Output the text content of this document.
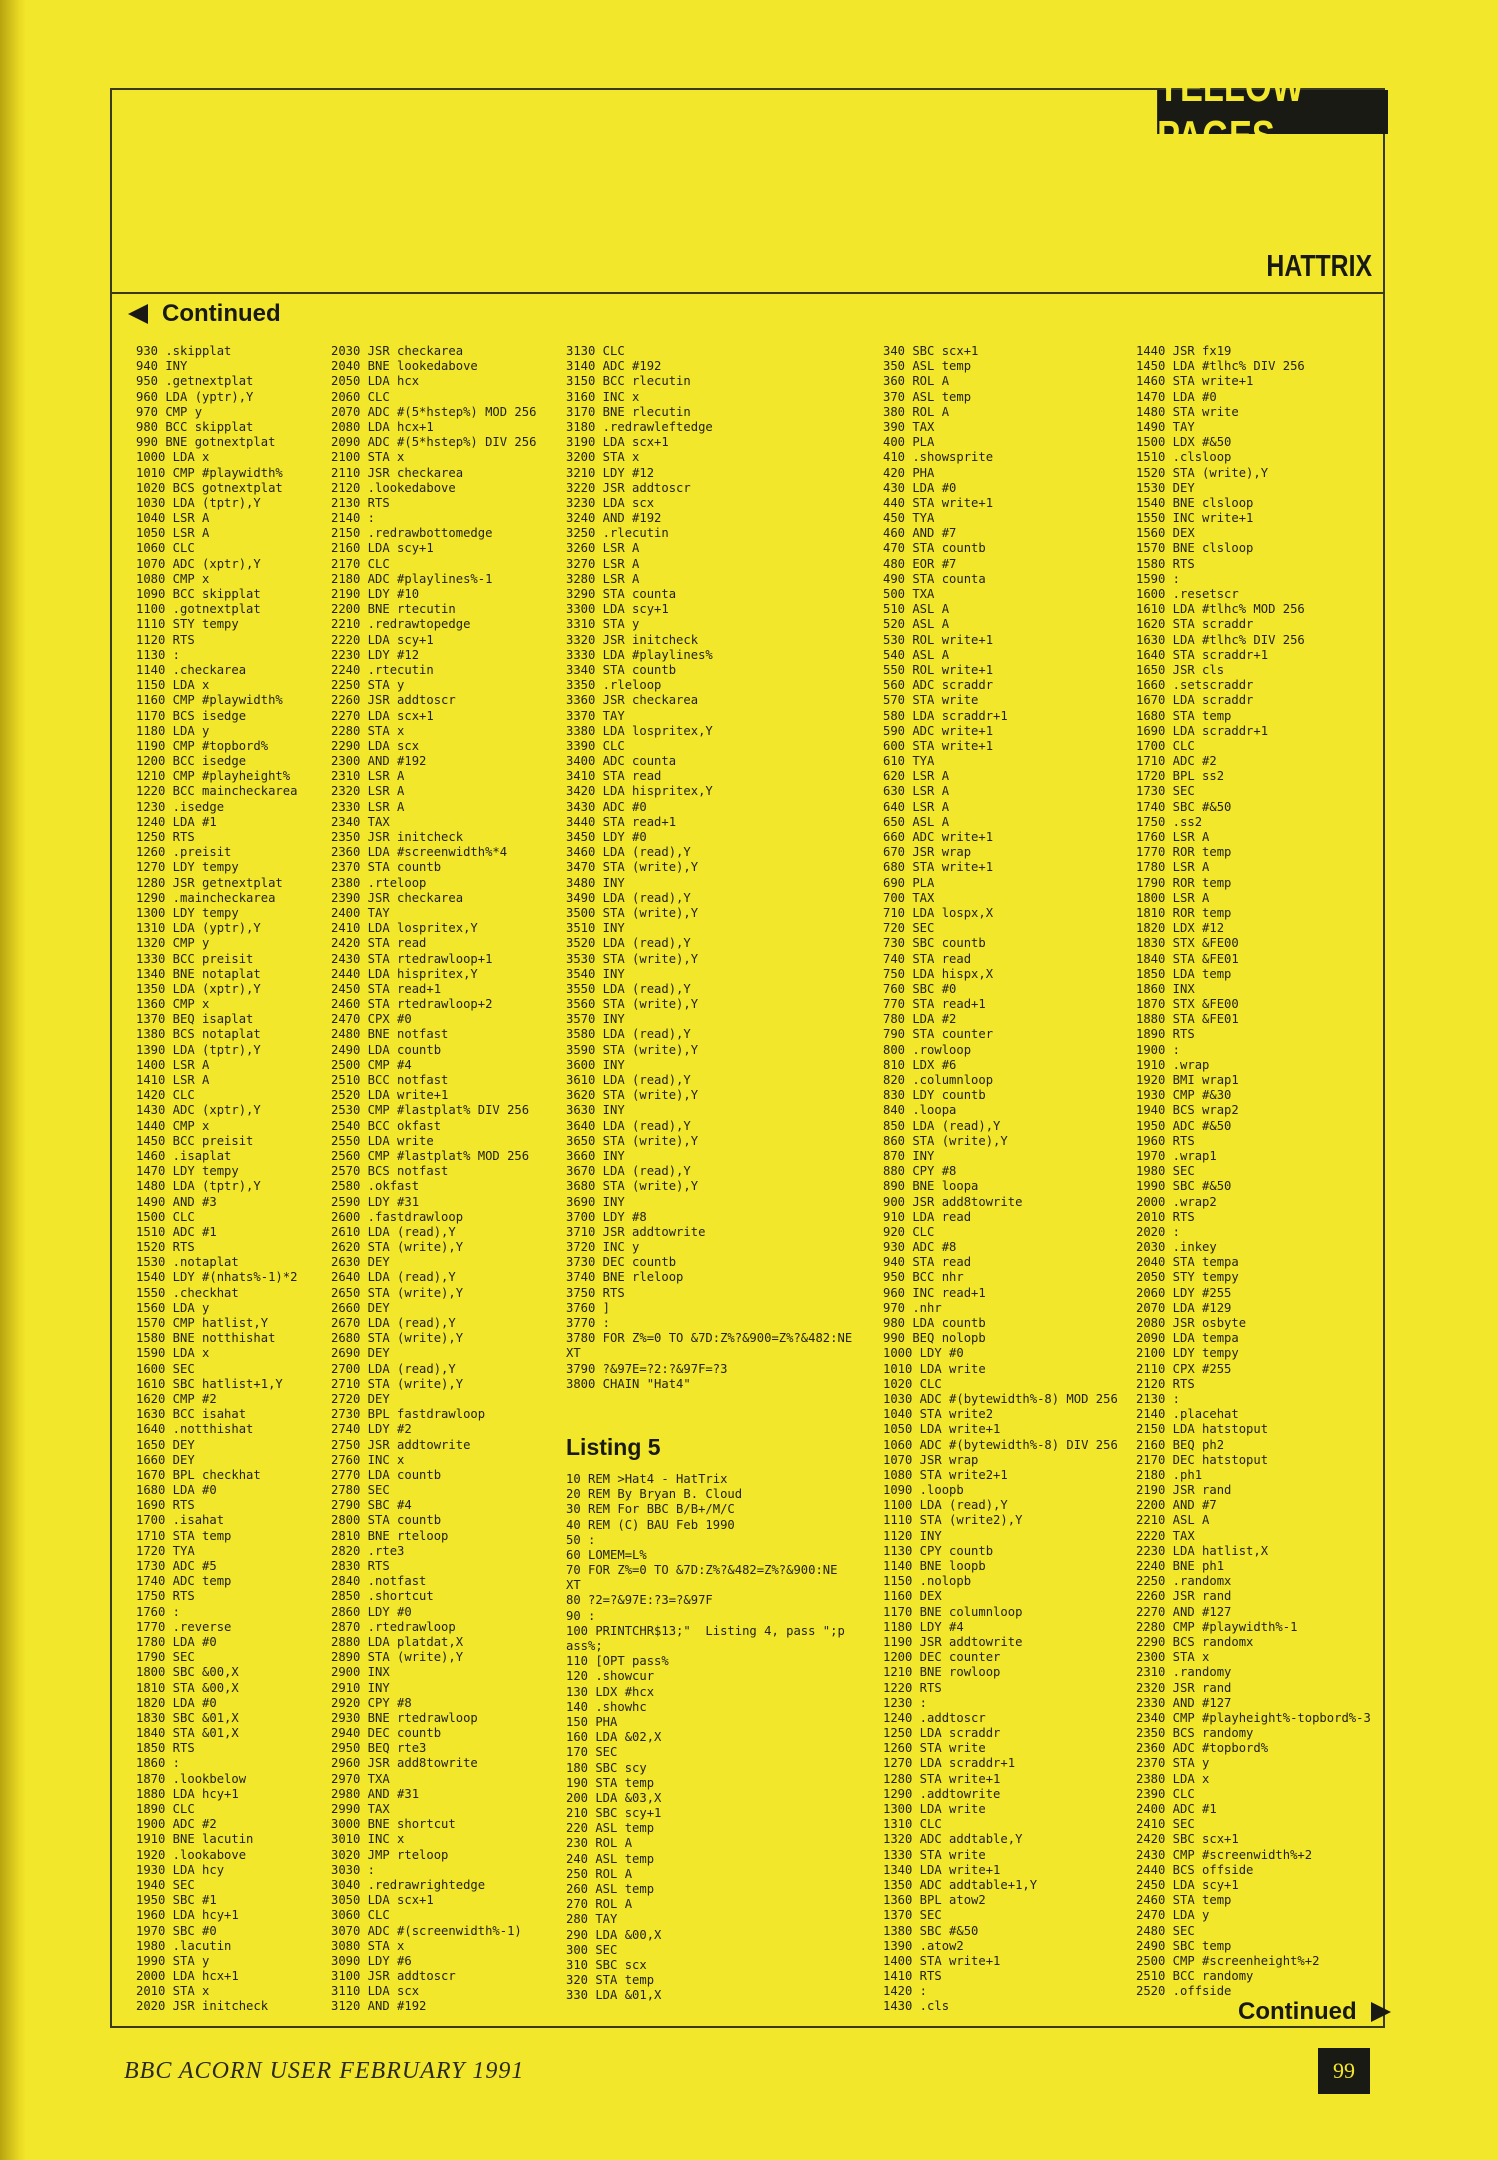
YELLOW PAGES
HATTRIX
Continued
930 .skipplat
940 INY
950 .getnextplat
960 LDA (yptr),Y
970 CMP y
980 BCC skipplat
990 BNE gotnextplat
1000 LDA x
1010 CMP #playwidth%
1020 BCS gotnextplat
1030 LDA (tptr),Y
1040 LSR A
1050 LSR A
1060 CLC
1070 ADC (xptr),Y
1080 CMP x
1090 BCC skipplat
1100 .gotnextplat
1110 STY tempy
1120 RTS
1130 :
1140 .checkarea
1150 LDA x
1160 CMP #playwidth%
1170 BCS isedge
1180 LDA y
1190 CMP #topbord%
1200 BCC isedge
1210 CMP #playheight%
1220 BCC maincheckarea
1230 .isedge
1240 LDA #1
1250 RTS
1260 .preisit
1270 LDY tempy
1280 JSR getnextplat
1290 .maincheckarea
1300 LDY tempy
1310 LDA (yptr),Y
1320 CMP y
1330 BCC preisit
1340 BNE notaplat
1350 LDA (xptr),Y
1360 CMP x
1370 BEQ isaplat
1380 BCS notaplat
1390 LDA (tptr),Y
1400 LSR A
1410 LSR A
1420 CLC
1430 ADC (xptr),Y
1440 CMP x
1450 BCC preisit
1460 .isaplat
1470 LDY tempy
1480 LDA (tptr),Y
1490 AND #3
1500 CLC
1510 ADC #1
1520 RTS
1530 .notaplat
1540 LDY #(nhats%-1)*2
1550 .checkhat
1560 LDA y
1570 CMP hatlist,Y
1580 BNE notthishat
1590 LDA x
1600 SEC
1610 SBC hatlist+1,Y
1620 CMP #2
1630 BCC isahat
1640 .notthishat
1650 DEY
1660 DEY
1670 BPL checkhat
1680 LDA #0
1690 RTS
1700 .isahat
1710 STA temp
1720 TYA
1730 ADC #5
1740 ADC temp
1750 RTS
1760 :
1770 .reverse
1780 LDA #0
1790 SEC
1800 SBC &00,X
1810 STA &00,X
1820 LDA #0
1830 SBC &01,X
1840 STA &01,X
1850 RTS
1860 :
1870 .lookbelow
1880 LDA hcy+1
1890 CLC
1900 ADC #2
1910 BNE lacutin
1920 .lookabove
1930 LDA hcy
1940 SEC
1950 SBC #1
1960 LDA hcy+1
1970 SBC #0
1980 .lacutin
1990 STA y
2000 LDA hcx+1
2010 STA x
2020 JSR initcheck
2030 JSR checkarea
2040 BNE lookedabove
2050 LDA hcx
2060 CLC
2070 ADC #(5*hstep%) MOD 256
2080 LDA hcx+1
2090 ADC #(5*hstep%) DIV 256
2100 STA x
2110 JSR checkarea
2120 .lookedabove
2130 RTS
2140 :
2150 .redrawbottomedge
2160 LDA scy+1
2170 CLC
2180 ADC #playlines%-1
2190 LDY #10
2200 BNE rtecutin
2210 .redrawtopedge
2220 LDA scy+1
2230 LDY #12
2240 .rtecutin
2250 STA y
2260 JSR addtoscr
2270 LDA scx+1
2280 STA x
2290 LDA scx
2300 AND #192
2310 LSR A
2320 LSR A
2330 LSR A
2340 TAX
2350 JSR initcheck
2360 LDA #screenwidth%*4
2370 STA countb
2380 .rteloop
2390 JSR checkarea
2400 TAY
2410 LDA lospritex,Y
2420 STA read
2430 STA rtedrawloop+1
2440 LDA hispritex,Y
2450 STA read+1
2460 STA rtedrawloop+2
2470 CPX #0
2480 BNE notfast
2490 LDA countb
2500 CMP #4
2510 BCC notfast
2520 LDA write+1
2530 CMP #lastplat% DIV 256
2540 BCC okfast
2550 LDA write
2560 CMP #lastplat% MOD 256
2570 BCS notfast
2580 .okfast
2590 LDY #31
2600 .fastdrawloop
2610 LDA (read),Y
2620 STA (write),Y
2630 DEY
2640 LDA (read),Y
2650 STA (write),Y
2660 DEY
2670 LDA (read),Y
2680 STA (write),Y
2690 DEY
2700 LDA (read),Y
2710 STA (write),Y
2720 DEY
2730 BPL fastdrawloop
2740 LDY #2
2750 JSR addtowrite
2760 INC x
2770 LDA countb
2780 SEC
2790 SBC #4
2800 STA countb
2810 BNE rteloop
2820 .rte3
2830 RTS
2840 .notfast
2850 .shortcut
2860 LDY #0
2870 .rtedrawloop
2880 LDA platdat,X
2890 STA (write),Y
2900 INX
2910 INY
2920 CPY #8
2930 BNE rtedrawloop
2940 DEC countb
2950 BEQ rte3
2960 JSR add8towrite
2970 TXA
2980 AND #31
2990 TAX
3000 BNE shortcut
3010 INC x
3020 JMP rteloop
3030 :
3040 .redrawrightedge
3050 LDA scx+1
3060 CLC
3070 ADC #(screenwidth%-1)
3080 STA x
3090 LDY #6
3100 JSR addtoscr
3110 LDA scx
3120 AND #192
3130 CLC
3140 ADC #192
3150 BCC rlecutin
3160 INC x
3170 BNE rlecutin
3180 .redrawleftedge
3190 LDA scx+1
3200 STA x
3210 LDY #12
3220 JSR addtoscr
3230 LDA scx
3240 AND #192
3250 .rlecutin
3260 LSR A
3270 LSR A
3280 LSR A
3290 STA counta
3300 LDA scy+1
3310 STA y
3320 JSR initcheck
3330 LDA #playlines%
3340 STA countb
3350 .rleloop
3360 JSR checkarea
3370 TAY
3380 LDA lospritex,Y
3390 CLC
3400 ADC counta
3410 STA read
3420 LDA hispritex,Y
3430 ADC #0
3440 STA read+1
3450 LDY #0
3460 LDA (read),Y
3470 STA (write),Y
3480 INY
3490 LDA (read),Y
3500 STA (write),Y
3510 INY
3520 LDA (read),Y
3530 STA (write),Y
3540 INY
3550 LDA (read),Y
3560 STA (write),Y
3570 INY
3580 LDA (read),Y
3590 STA (write),Y
3600 INY
3610 LDA (read),Y
3620 STA (write),Y
3630 INY
3640 LDA (read),Y
3650 STA (write),Y
3660 INY
3670 LDA (read),Y
3680 STA (write),Y
3690 INY
3700 LDY #8
3710 JSR addtowrite
3720 INC y
3730 DEC countb
3740 BNE rleloop
3750 RTS
3760 ]
3770 :
3780 FOR Z%=0 TO &7D:Z%?&900=Z%?&482:NE
XT
3790 ?&97E=?2:?&97F=?3
3800 CHAIN "Hat4"
Listing 5
10 REM >Hat4 - HatTrix
20 REM By Bryan B. Cloud
30 REM For BBC B/B+/M/C
40 REM (C) BAU Feb 1990
50 :
60 LOMEM=L%
70 FOR Z%=0 TO &7D:Z%?&482=Z%?&900:NE
XT
80 ?2=?&97E:?3=?&97F
90 :
100 PRINTCHR$13;"  Listing 4, pass ";p
ass%;
110 [OPT pass%
120 .showcur
130 LDX #hcx
140 .showhc
150 PHA
160 LDA &02,X
170 SEC
180 SBC scy
190 STA temp
200 LDA &03,X
210 SBC scy+1
220 ASL temp
230 ROL A
240 ASL temp
250 ROL A
260 ASL temp
270 ROL A
280 TAY
290 LDA &00,X
300 SEC
310 SBC scx
320 STA temp
330 LDA &01,X
340 SBC scx+1
350 ASL temp
360 ROL A
370 ASL temp
380 ROL A
390 TAX
400 PLA
410 .showsprite
420 PHA
430 LDA #0
440 STA write+1
450 TYA
460 AND #7
470 STA countb
480 EOR #7
490 STA counta
500 TXA
510 ASL A
520 ASL A
530 ROL write+1
540 ASL A
550 ROL write+1
560 ADC scraddr
570 STA write
580 LDA scraddr+1
590 ADC write+1
600 STA write+1
610 TYA
620 LSR A
630 LSR A
640 LSR A
650 ASL A
660 ADC write+1
670 JSR wrap
680 STA write+1
690 PLA
700 TAX
710 LDA lospx,X
720 SEC
730 SBC countb
740 STA read
750 LDA hispx,X
760 SBC #0
770 STA read+1
780 LDA #2
790 STA counter
800 .rowloop
810 LDX #6
820 .columnloop
830 LDY countb
840 .loopa
850 LDA (read),Y
860 STA (write),Y
870 INY
880 CPY #8
890 BNE loopa
900 JSR add8towrite
910 LDA read
920 CLC
930 ADC #8
940 STA read
950 BCC nhr
960 INC read+1
970 .nhr
980 LDA countb
990 BEQ nolopb
1000 LDY #0
1010 LDA write
1020 CLC
1030 ADC #(bytewidth%-8) MOD 256
1040 STA write2
1050 LDA write+1
1060 ADC #(bytewidth%-8) DIV 256
1070 JSR wrap
1080 STA write2+1
1090 .loopb
1100 LDA (read),Y
1110 STA (write2),Y
1120 INY
1130 CPY countb
1140 BNE loopb
1150 .nolopb
1160 DEX
1170 BNE columnloop
1180 LDY #4
1190 JSR addtowrite
1200 DEC counter
1210 BNE rowloop
1220 RTS
1230 :
1240 .addtoscr
1250 LDA scraddr
1260 STA write
1270 LDA scraddr+1
1280 STA write+1
1290 .addtowrite
1300 LDA write
1310 CLC
1320 ADC addtable,Y
1330 STA write
1340 LDA write+1
1350 ADC addtable+1,Y
1360 BPL atow2
1370 SEC
1380 SBC #&50
1390 .atow2
1400 STA write+1
1410 RTS
1420 :
1430 .cls
1440 JSR fx19
1450 LDA #tlhc% DIV 256
1460 STA write+1
1470 LDA #0
1480 STA write
1490 TAY
1500 LDX #&50
1510 .clsloop
1520 STA (write),Y
1530 DEY
1540 BNE clsloop
1550 INC write+1
1560 DEX
1570 BNE clsloop
1580 RTS
1590 :
1600 .resetscr
1610 LDA #tlhc% MOD 256
1620 STA scraddr
1630 LDA #tlhc% DIV 256
1640 STA scraddr+1
1650 JSR cls
1660 .setscraddr
1670 LDA scraddr
1680 STA temp
1690 LDA scraddr+1
1700 CLC
1710 ADC #2
1720 BPL ss2
1730 SEC
1740 SBC #&50
1750 .ss2
1760 LSR A
1770 ROR temp
1780 LSR A
1790 ROR temp
1800 LSR A
1810 ROR temp
1820 LDX #12
1830 STX &FE00
1840 STA &FE01
1850 LDA temp
1860 INX
1870 STX &FE00
1880 STA &FE01
1890 RTS
1900 :
1910 .wrap
1920 BMI wrap1
1930 CMP #&30
1940 BCS wrap2
1950 ADC #&50
1960 RTS
1970 .wrap1
1980 SEC
1990 SBC #&50
2000 .wrap2
2010 RTS
2020 :
2030 .inkey
2040 STA tempa
2050 STY tempy
2060 LDY #255
2070 LDA #129
2080 JSR osbyte
2090 LDA tempa
2100 LDY tempy
2110 CPX #255
2120 RTS
2130 :
2140 .placehat
2150 LDA hatstoput
2160 BEQ ph2
2170 DEC hatstoput
2180 .ph1
2190 JSR rand
2200 AND #7
2210 ASL A
2220 TAX
2230 LDA hatlist,X
2240 BNE ph1
2250 .randomx
2260 JSR rand
2270 AND #127
2280 CMP #playwidth%-1
2290 BCS randomx
2300 STA x
2310 .randomy
2320 JSR rand
2330 AND #127
2340 CMP #playheight%-topbord%-3
2350 BCS randomy
2360 ADC #topbord%
2370 STA y
2380 LDA x
2390 CLC
2400 ADC #1
2410 SEC
2420 SBC scx+1
2430 CMP #screenwidth%+2
2440 BCS offside
2450 LDA scy+1
2460 STA temp
2470 LDA y
2480 SEC
2490 SBC temp
2500 CMP #screenheight%+2
2510 BCC randomy
2520 .offside
Continued
BBC ACORN USER FEBRUARY 1991	99
